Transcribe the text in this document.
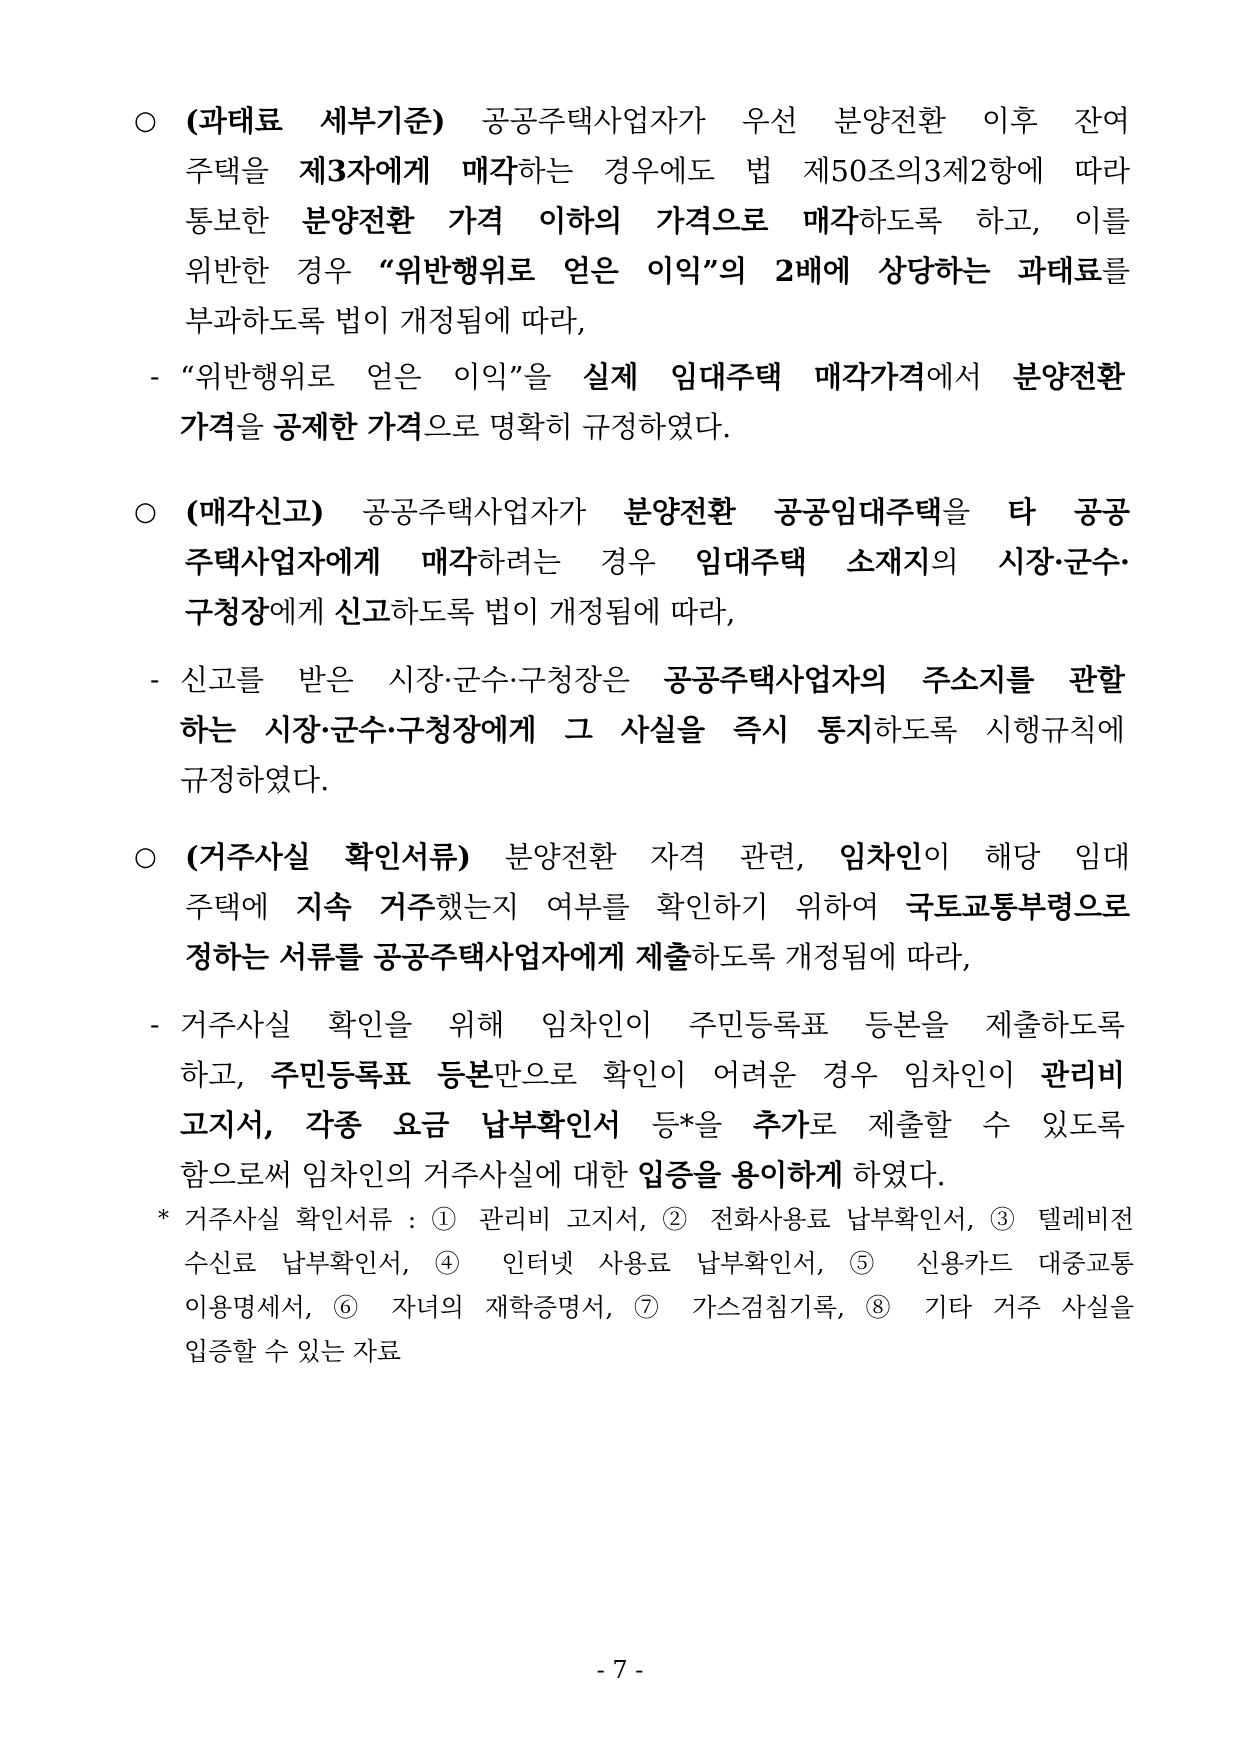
○ (과태료 세부기준) 공공주택사업자가 우선 분양전환 이후 잔여
주택을 제3자에게 매각하는 경우에도 법 제50조의3제2항에 따라
통보한 분양전환 가격 이하의 가격으로 매각하도록 하고, 이를
위반한 경우 “위반행위로 얻은 이익”의 2배에 상당하는 과태료를
부과하도록 법이 개정됨에 따라,
- “위반행위로 얻은 이익”을 실제 임대주택 매각가격에서 분양전환
가격을 공제한 가격으로 명확히 규정하였다.
○ (매각신고) 공공주택사업자가 분양전환 공공임대주택을 타 공공
주택사업자에게 매각하려는 경우 임대주택 소재지의 시장·군수·
구청장에게 신고하도록 법이 개정됨에 따라,
- 신고를 받은 시장·군수·구청장은 공공주택사업자의 주소지를 관할
하는 시장·군수·구청장에게 그 사실을 즉시 통지하도록 시행규칙에
규정하였다.
○ (거주사실 확인서류) 분양전환 자격 관련, 임차인이 해당 임대
주택에 지속 거주했는지 여부를 확인하기 위하여 국토교통부령으로
정하는 서류를 공공주택사업자에게 제출하도록 개정됨에 따라,
- 거주사실 확인을 위해 임차인이 주민등록표 등본을 제출하도록
하고, 주민등록표 등본만으로 확인이 어려운 경우 임차인이 관리비
고지서, 각종 요금 납부확인서 등*을 추가로 제출할 수 있도록
함으로써 임차인의 거주사실에 대한 입증을 용이하게 하였다.
* 거주사실 확인서류 : ① 관리비 고지서, ② 전화사용료 납부확인서, ③ 텔레비전
수신료 납부확인서, ④ 인터넷 사용료 납부확인서, ⑤ 신용카드 대중교통
이용명세서, ⑥ 자녀의 재학증명서, ⑦ 가스검침기록, ⑧ 기타 거주 사실을
입증할 수 있는 자료
- 7 -
